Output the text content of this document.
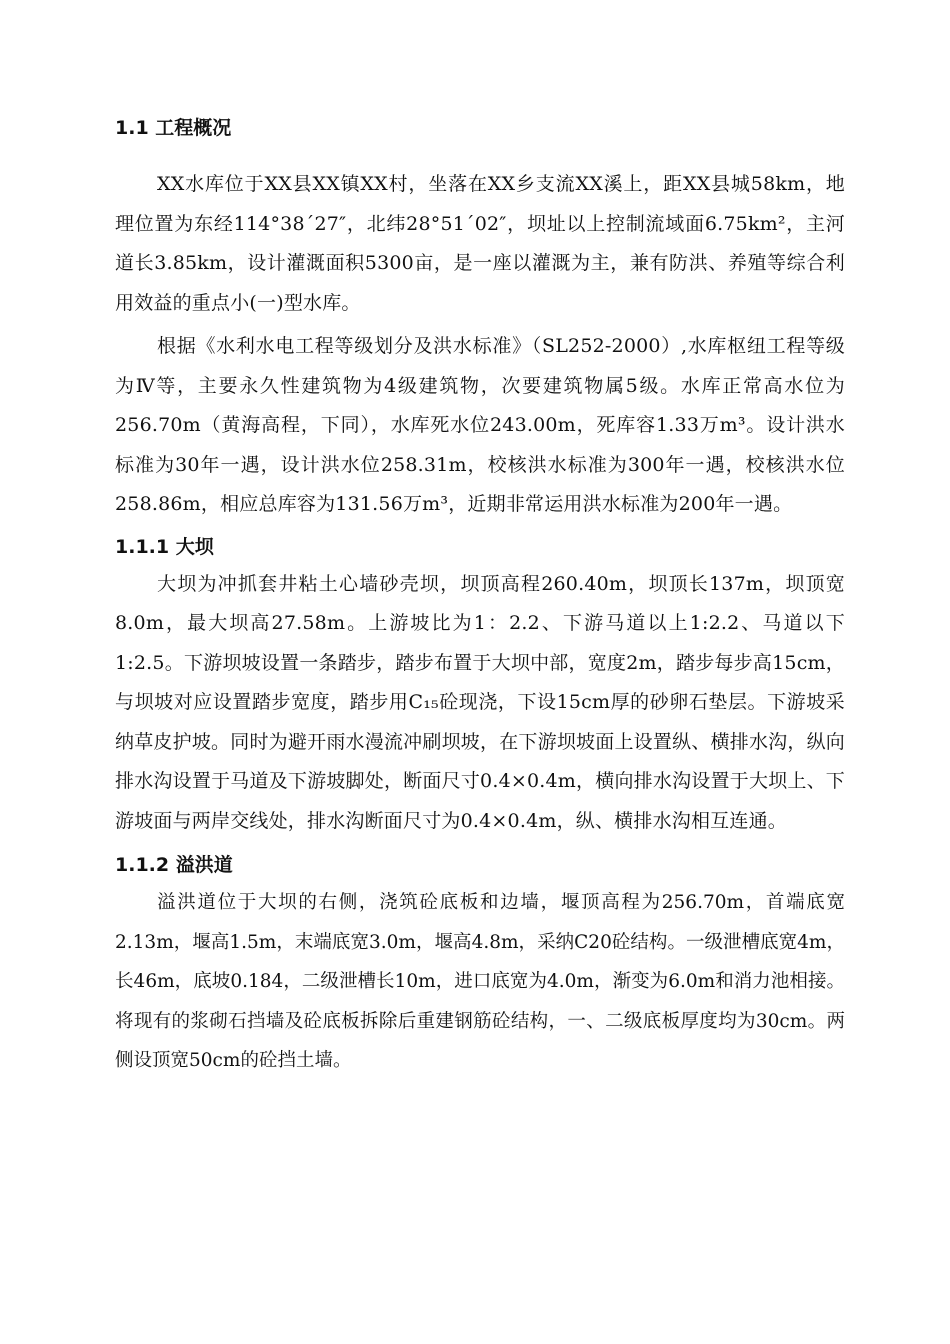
1.1 工程概况

XX水库位于XX县XX镇XX村，坐落在XX乡支流XX溪上，距XX县城58km，地理位置为东经114°38´27″，北纬28°51´02″，坝址以上控制流域面6.75km²，主河道长3.85km，设计灌溉面积5300亩，是一座以灌溉为主，兼有防洪、养殖等综合利用效益的重点小(一)型水库。

根据《水利水电工程等级划分及洪水标准》（SL252-2000）,水库枢纽工程等级为Ⅳ等，主要永久性建筑物为4级建筑物，次要建筑物属5级。水库正常高水位为256.70m（黄海高程，下同），水库死水位243.00m，死库容1.33万m³。设计洪水标准为30年一遇，设计洪水位258.31m，校核洪水标准为300年一遇，校核洪水位258.86m，相应总库容为131.56万m³，近期非常运用洪水标准为200年一遇。

1.1.1 大坝

大坝为冲抓套井粘土心墙砂壳坝，坝顶高程260.40m，坝顶长137m，坝顶宽8.0m，最大坝高27.58m。上游坡比为1：2.2、下游马道以上1:2.2、马道以下1:2.5。下游坝坡设置一条踏步，踏步布置于大坝中部，宽度2m，踏步每步高15cm，与坝坡对应设置踏步宽度，踏步用C₁₅砼现浇，下设15cm厚的砂卵石垫层。下游坡采纳草皮护坡。同时为避开雨水漫流冲刷坝坡，在下游坝坡面上设置纵、横排水沟，纵向排水沟设置于马道及下游坡脚处，断面尺寸0.4×0.4m，横向排水沟设置于大坝上、下游坡面与两岸交线处，排水沟断面尺寸为0.4×0.4m，纵、横排水沟相互连通。

1.1.2 溢洪道

溢洪道位于大坝的右侧，浇筑砼底板和边墙，堰顶高程为256.70m，首端底宽2.13m，堰高1.5m，末端底宽3.0m，堰高4.8m，采纳C20砼结构。一级泄槽底宽4m，长46m，底坡0.184，二级泄槽长10m，进口底宽为4.0m，渐变为6.0m和消力池相接。将现有的浆砌石挡墙及砼底板拆除后重建钢筋砼结构，一、二级底板厚度均为30cm。两侧设顶宽50cm的砼挡土墙。
